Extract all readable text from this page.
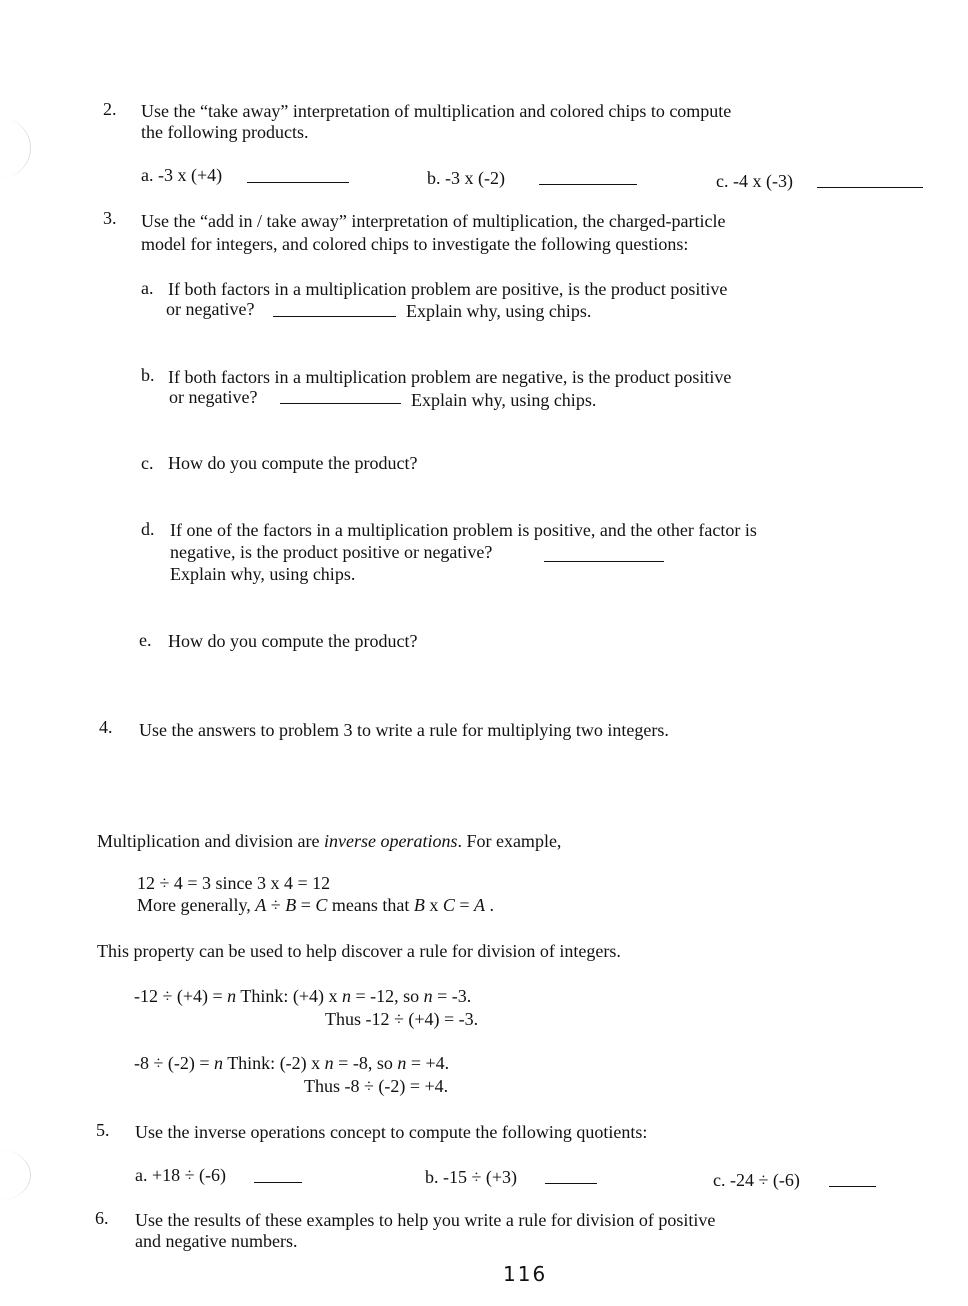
2. Use the “take away” interpretation of multiplication and colored chips to compute
the following products.
a. -3 x (+4)	b. -3 x (-2)	c. -4 x (-3)
3. Use the “add in / take away” interpretation of multiplication, the charged-particle
model for integers, and colored chips to investigate the following questions:
a. If both factors in a multiplication problem are positive, is the product positive
or negative?	Explain why, using chips.
b. If both factors in a multiplication problem are negative, is the product positive
or negative?	Explain why, using chips.
c. How do you compute the product?
d. If one of the factors in a multiplication problem is positive, and the other factor is
negative, is the product positive or negative?
Explain why, using chips.
e. How do you compute the product?
4. Use the answers to problem 3 to write a rule for multiplying two integers.
Multiplication and division are inverse operations. For example,
12 ÷ 4 = 3 since 3 x 4 = 12
More generally, A ÷ B = C means that B x C = A .
This property can be used to help discover a rule for division of integers.
-12 ÷ (+4) = n Think: (+4) x n = -12, so n = -3.
Thus -12 ÷ (+4) = -3.
-8 ÷ (-2) = n Think: (-2) x n = -8, so n = +4.
Thus -8 ÷ (-2) = +4.
5. Use the inverse operations concept to compute the following quotients:
a. +18 ÷ (-6)	b. -15 ÷ (+3)	c. -24 ÷ (-6)
6. Use the results of these examples to help you write a rule for division of positive
and negative numbers.
116
